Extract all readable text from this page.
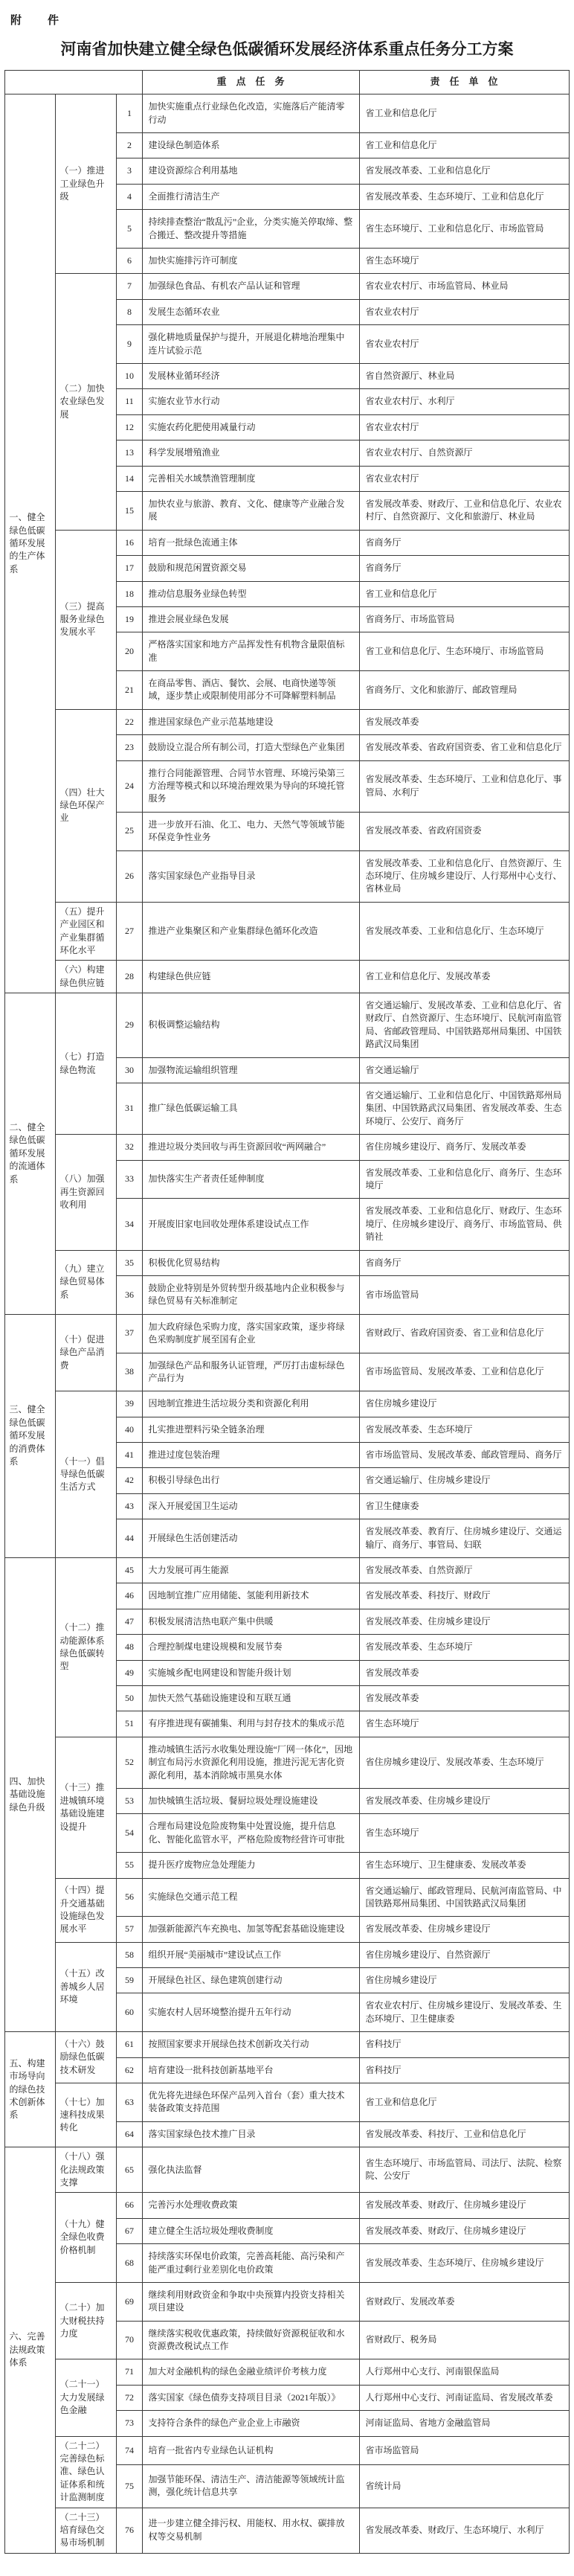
附　件
河南省加快建立健全绿色低碳循环发展经济体系重点任务分工方案
			重　点　任　务	责　任　单　位
一、健全绿色低碳循环发展的生产体系	（一）推进工业绿色升级	1	加快实施重点行业绿色化改造，实施落后产能清零行动	省工业和信息化厅
		2	建设绿色制造体系	省工业和信息化厅
		3	建设资源综合利用基地	省发展改革委、工业和信息化厅
		4	全面推行清洁生产	省发展改革委、生态环境厅、工业和信息化厅
		5	持续排查整治“散乱污”企业，分类实施关停取缔、整合搬迁、整改提升等措施	省生态环境厅、工业和信息化厅、市场监管局
		6	加快实施排污许可制度	省生态环境厅
	（二）加快农业绿色发展	7	加强绿色食品、有机农产品认证和管理	省农业农村厅、市场监管局、林业局
		8	发展生态循环农业	省农业农村厅
		9	强化耕地质量保护与提升，开展退化耕地治理集中连片试验示范	省农业农村厅
		10	发展林业循环经济	省自然资源厅、林业局
		11	实施农业节水行动	省农业农村厅、水利厅
		12	实施农药化肥使用减量行动	省农业农村厅
		13	科学发展增殖渔业	省农业农村厅、自然资源厅
		14	完善相关水域禁渔管理制度	省农业农村厅
		15	加快农业与旅游、教育、文化、健康等产业融合发展	省发展改革委、财政厅、工业和信息化厅、农业农村厅、自然资源厅、文化和旅游厅、林业局
	（三）提高服务业绿色发展水平	16	培育一批绿色流通主体	省商务厅
		17	鼓励和规范闲置资源交易	省商务厅
		18	推动信息服务业绿色转型	省工业和信息化厅
		19	推进会展业绿色发展	省商务厅、市场监管局
		20	严格落实国家和地方产品挥发性有机物含量限值标准	省工业和信息化厅、生态环境厅、市场监管局
		21	在商品零售、酒店、餐饮、会展、电商快递等领域，逐步禁止或限制使用部分不可降解塑料制品	省商务厅、文化和旅游厅、邮政管理局
	（四）壮大绿色环保产业	22	推进国家绿色产业示范基地建设	省发展改革委
		23	鼓励设立混合所有制公司，打造大型绿色产业集团	省发展改革委、省政府国资委、省工业和信息化厅
		24	推行合同能源管理、合同节水管理、环境污染第三方治理等模式和以环境治理效果为导向的环境托管服务	省发展改革委、生态环境厅、工业和信息化厅、事管局、水利厅
		25	进一步放开石油、化工、电力、天然气等领域节能环保竞争性业务	省发展改革委、省政府国资委
		26	落实国家绿色产业指导目录	省发展改革委、工业和信息化厅、自然资源厅、生态环境厅、住房城乡建设厅、人行郑州中心支行、省林业局
	（五）提升产业园区和产业集群循环化水平	27	推进产业集聚区和产业集群绿色循环化改造	省发展改革委、工业和信息化厅、生态环境厅
	（六）构建绿色供应链	28	构建绿色供应链	省工业和信息化厅、发展改革委
二、健全绿色低碳循环发展的流通体系	（七）打造绿色物流	29	积极调整运输结构	省交通运输厅、发展改革委、工业和信息化厅、省财政厅、自然资源厅、生态环境厅、民航河南监管局、省邮政管理局、中国铁路郑州局集团、中国铁路武汉局集团
		30	加强物流运输组织管理	省交通运输厅
		31	推广绿色低碳运输工具	省交通运输厅、工业和信息化厅、中国铁路郑州局集团、中国铁路武汉局集团、省发展改革委、生态环境厅、公安厅、商务厅
	（八）加强再生资源回收利用	32	推进垃圾分类回收与再生资源回收“两网融合”	省住房城乡建设厅、商务厅、发展改革委
		33	加快落实生产者责任延伸制度	省发展改革委、工业和信息化厅、商务厅、生态环境厅
		34	开展废旧家电回收处理体系建设试点工作	省发展改革委、工业和信息化厅、财政厅、生态环境厅、住房城乡建设厅、商务厅、市场监管局、供销社
	（九）建立绿色贸易体系	35	积极优化贸易结构	省商务厅
		36	鼓励企业特别是外贸转型升级基地内企业积极参与绿色贸易有关标准制定	省市场监管局
三、健全绿色低碳循环发展的消费体系	（十）促进绿色产品消费	37	加大政府绿色采购力度，落实国家政策，逐步将绿色采购制度扩展至国有企业	省财政厅、省政府国资委、省工业和信息化厅
		38	加强绿色产品和服务认证管理，严厉打击虚标绿色产品行为	省市场监管局、发展改革委、工业和信息化厅
	（十一）倡导绿色低碳生活方式	39	因地制宜推进生活垃圾分类和资源化利用	省住房城乡建设厅
		40	扎实推进塑料污染全链条治理	省发展改革委、生态环境厅
		41	推进过度包装治理	省市场监管局、发展改革委、邮政管理局、商务厅
		42	积极引导绿色出行	省交通运输厅、住房城乡建设厅
		43	深入开展爱国卫生运动	省卫生健康委
		44	开展绿色生活创建活动	省发展改革委、教育厅、住房城乡建设厅、交通运输厅、商务厅、事管局、妇联
四、加快基础设施绿色升级	（十二）推动能源体系绿色低碳转型	45	大力发展可再生能源	省发展改革委、自然资源厅
		46	因地制宜推广应用储能、氢能利用新技术	省发展改革委、科技厅、财政厅
		47	积极发展清洁热电联产集中供暖	省发展改革委、住房城乡建设厅
		48	合理控制煤电建设规模和发展节奏	省发展改革委、生态环境厅
		49	实施城乡配电网建设和智能升级计划	省发展改革委
		50	加快天然气基础设施建设和互联互通	省发展改革委
		51	有序推进现有碳捕集、利用与封存技术的集成示范	省生态环境厅
	（十三）推进城镇环境基础设施建设提升	52	推动城镇生活污水收集处理设施“厂网一体化”，因地制宜布局污水资源化利用设施，推进污泥无害化资源化利用，基本消除城市黑臭水体	省住房城乡建设厅、发展改革委、生态环境厅
		53	加快城镇生活垃圾、餐厨垃圾处理设施建设	省发展改革委、住房城乡建设厅
		54	合理布局建设危险废物集中处置设施，提升信息化、智能化监管水平，严格危险废物经营许可审批	省生态环境厅
		55	提升医疗废物应急处理能力	省生态环境厅、卫生健康委、发展改革委
	（十四）提升交通基础设施绿色发展水平	56	实施绿色交通示范工程	省交通运输厅、邮政管理局、民航河南监管局、中国铁路郑州局集团、中国铁路武汉局集团
		57	加强新能源汽车充换电、加氢等配套基础设施建设	省发展改革委、住房城乡建设厅
	（十五）改善城乡人居环境	58	组织开展“美丽城市”建设试点工作	省住房城乡建设厅、自然资源厅
		59	开展绿色社区、绿色建筑创建行动	省住房城乡建设厅
		60	实施农村人居环境整治提升五年行动	省农业农村厅、住房城乡建设厅、发展改革委、生态环境厅、卫生健康委
五、构建市场导向的绿色技术创新体系	（十六）鼓励绿色低碳技术研发	61	按照国家要求开展绿色技术创新攻关行动	省科技厅
		62	培育建设一批科技创新基地平台	省科技厅
	（十七）加速科技成果转化	63	优先将先进绿色环保产品列入首台（套）重大技术装备政策支持范围	省工业和信息化厅
		64	落实国家绿色技术推广目录	省发展改革委、科技厅、工业和信息化厅
六、完善法规政策体系	（十八）强化法规政策支撑	65	强化执法监督	省生态环境厅、市场监管局、司法厅、法院、检察院、公安厅
	（十九）健全绿色收费价格机制	66	完善污水处理收费政策	省发展改革委、财政厅、住房城乡建设厅
		67	建立健全生活垃圾处理收费制度	省发展改革委、财政厅、住房城乡建设厅
		68	持续落实环保电价政策，完善高耗能、高污染和产能严重过剩行业差别化电价政策	省发展改革委、生态环境厅、住房城乡建设厅
	（二十）加大财税扶持力度	69	继续利用财政资金和争取中央预算内投资支持相关项目建设	省财政厅、发展改革委
		70	继续落实税收优惠政策，持续做好资源税征收和水资源费改税试点工作	省财政厅、税务局
	（二十一）大力发展绿色金融	71	加大对金融机构的绿色金融业绩评价考核力度	人行郑州中心支行、河南银保监局
		72	落实国家《绿色债券支持项目目录（2021年版）》	人行郑州中心支行、河南证监局、省发展改革委
		73	支持符合条件的绿色产业企业上市融资	河南证监局、省地方金融监管局
	（二十二）完善绿色标准、绿色认证体系和统计监测制度	74	培育一批省内专业绿色认证机构	省市场监管局
		75	加强节能环保、清洁生产、清洁能源等领域统计监测，强化统计信息共享	省统计局
	（二十三）培育绿色交易市场机制	76	进一步建立健全排污权、用能权、用水权、碳排放权等交易机制	省发展改革委、财政厅、生态环境厅、水利厅
